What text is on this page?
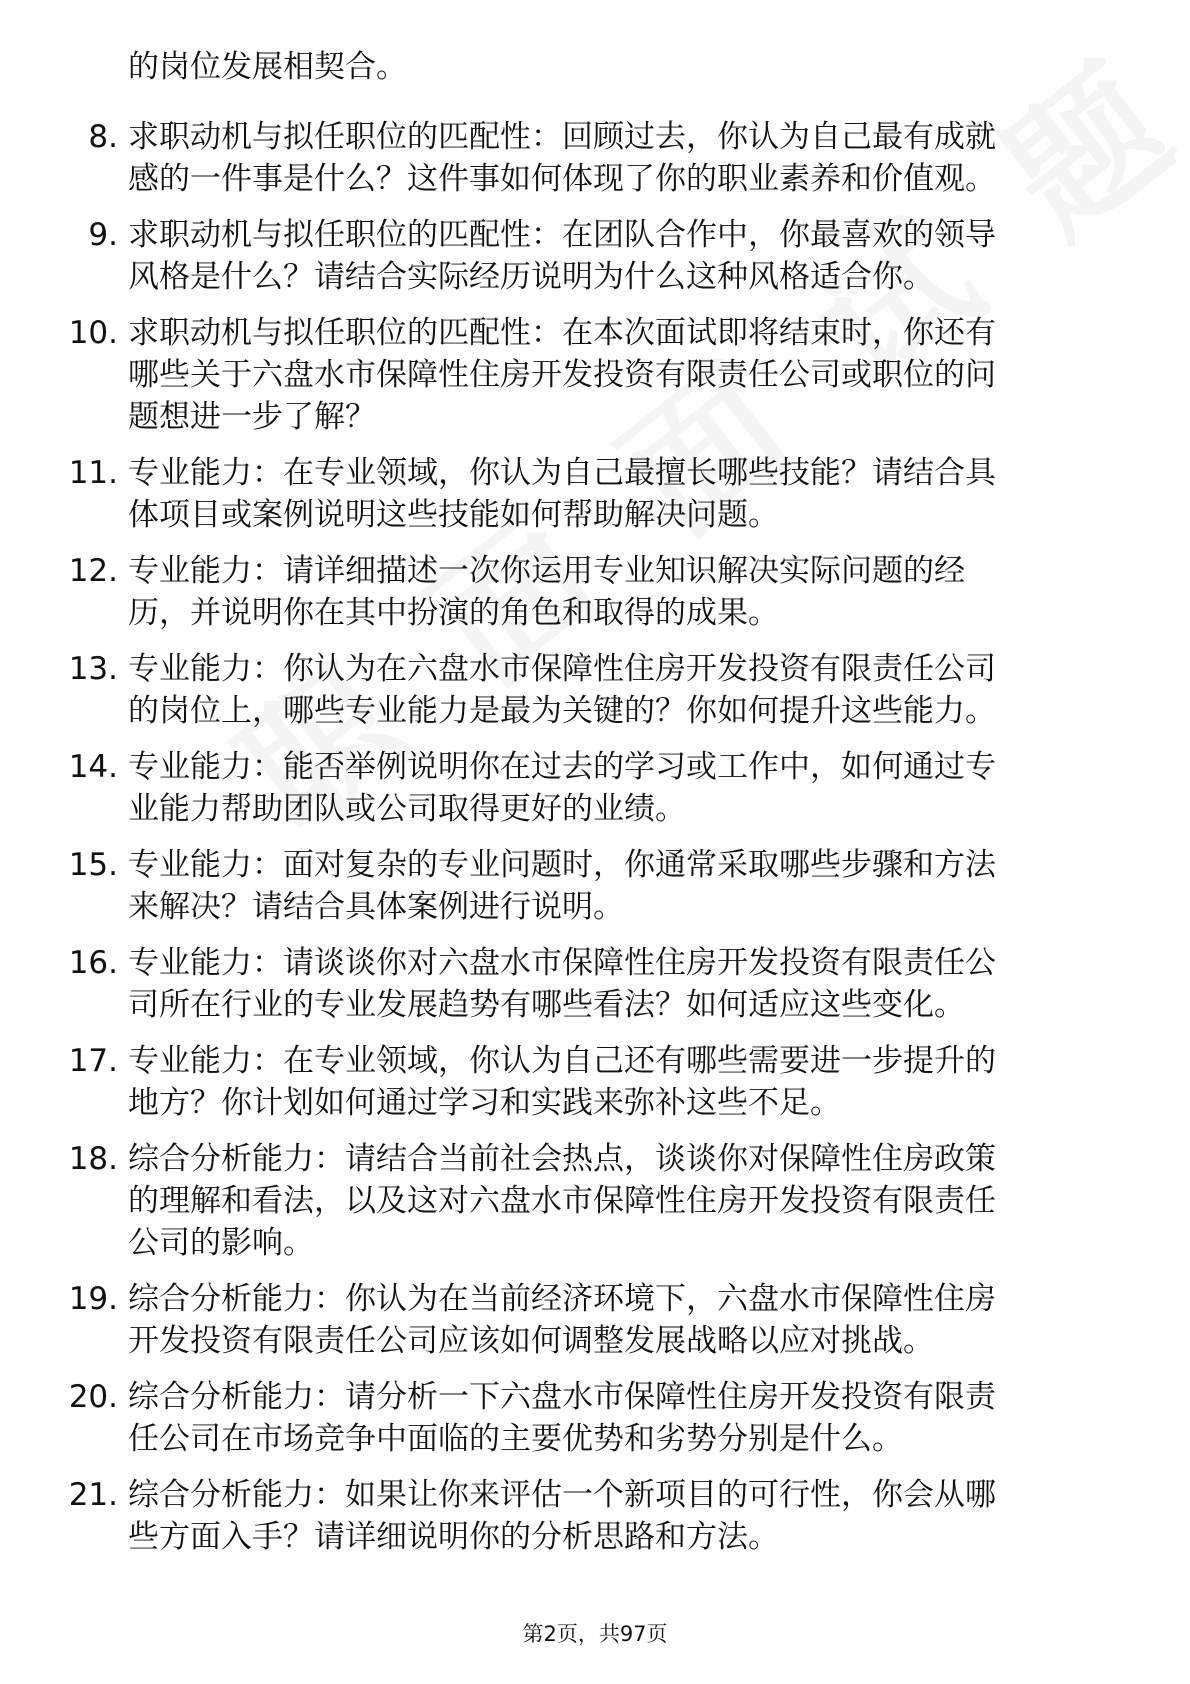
的岗位发展相契合。
8. 求职动机与拟任职位的匹配性：回顾过去，你认为自己最有成就
感的一件事是什么？这件事如何体现了你的职业素养和价值观。
9. 求职动机与拟任职位的匹配性：在团队合作中，你最喜欢的领导
风格是什么？请结合实际经历说明为什么这种风格适合你。
10. 求职动机与拟任职位的匹配性：在本次面试即将结束时，你还有
哪些关于六盘水市保障性住房开发投资有限责任公司或职位的问
题想进一步了解？
11. 专业能力：在专业领域，你认为自己最擅长哪些技能？请结合具
体项目或案例说明这些技能如何帮助解决问题。
12. 专业能力：请详细描述一次你运用专业知识解决实际问题的经
历，并说明你在其中扮演的角色和取得的成果。
13. 专业能力：你认为在六盘水市保障性住房开发投资有限责任公司
的岗位上，哪些专业能力是最为关键的？你如何提升这些能力。
14. 专业能力：能否举例说明你在过去的学习或工作中，如何通过专
业能力帮助团队或公司取得更好的业绩。
15. 专业能力：面对复杂的专业问题时，你通常采取哪些步骤和方法
来解决？请结合具体案例进行说明。
16. 专业能力：请谈谈你对六盘水市保障性住房开发投资有限责任公
司所在行业的专业发展趋势有哪些看法？如何适应这些变化。
17. 专业能力：在专业领域，你认为自己还有哪些需要进一步提升的
地方？你计划如何通过学习和实践来弥补这些不足。
18. 综合分析能力：请结合当前社会热点，谈谈你对保障性住房政策
的理解和看法，以及这对六盘水市保障性住房开发投资有限责任
公司的影响。
19. 综合分析能力：你认为在当前经济环境下，六盘水市保障性住房
开发投资有限责任公司应该如何调整发展战略以应对挑战。
20. 综合分析能力：请分析一下六盘水市保障性住房开发投资有限责
任公司在市场竞争中面临的主要优势和劣势分别是什么。
21. 综合分析能力：如果让你来评估一个新项目的可行性，你会从哪
些方面入手？请详细说明你的分析思路和方法。
第2页，共97页
